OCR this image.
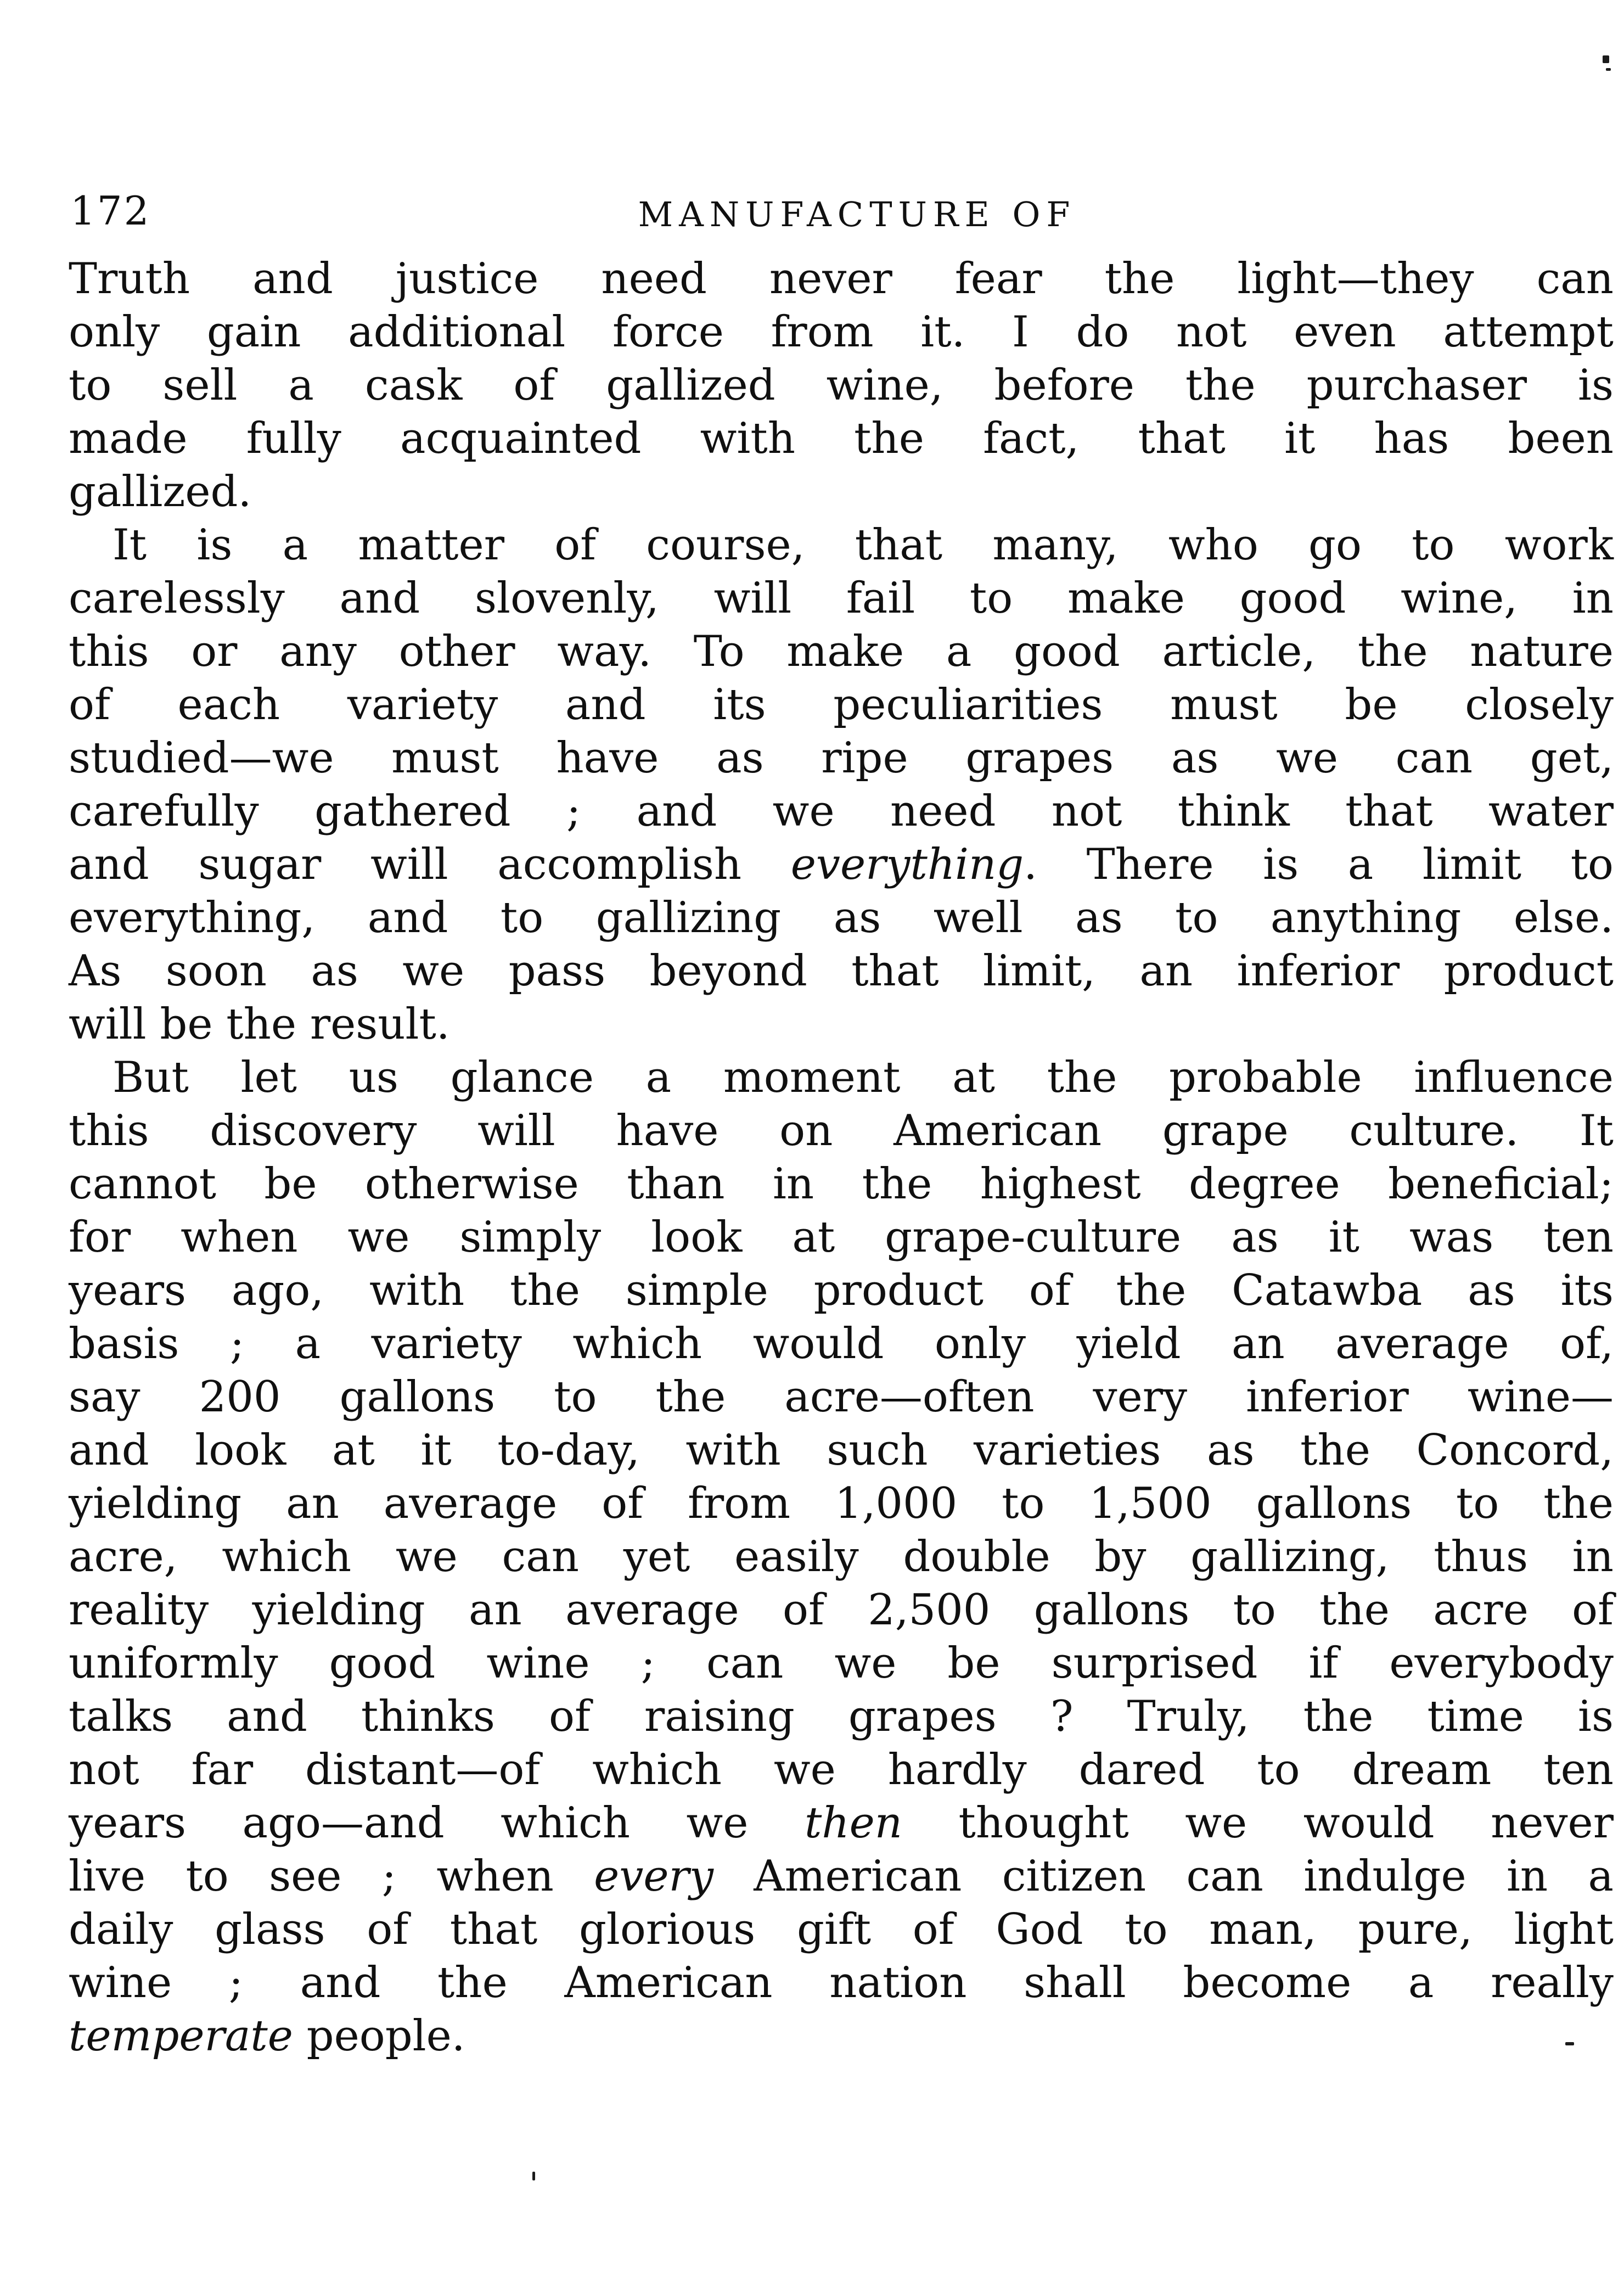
172	MANUFACTURE OF
Truth and justice need never fear the light—they can
only gain additional force from it. I do not even attempt
to sell a cask of gallized wine, before the purchaser is
made fully acquainted with the fact, that it has been
gallized.
It is a matter of course, that many, who go to work
carelessly and slovenly, will fail to make good wine, in
this or any other way. To make a good article, the nature
of each variety and its peculiarities must be closely
studied—we must have as ripe grapes as we can get,
carefully gathered ; and we need not think that water
and sugar will accomplish everything. There is a limit to
everything, and to gallizing as well as to anything else.
As soon as we pass beyond that limit, an inferior product
will be the result.
But let us glance a moment at the probable influence
this discovery will have on American grape culture. It
cannot be otherwise than in the highest degree beneficial;
for when we simply look at grape-culture as it was ten
years ago, with the simple product of the Catawba as its
basis ; a variety which would only yield an average of,
say 200 gallons to the acre—often very inferior wine—
and look at it to-day, with such varieties as the Concord,
yielding an average of from 1,000 to 1,500 gallons to the
acre, which we can yet easily double by gallizing, thus in
reality yielding an average of 2,500 gallons to the acre of
uniformly good wine ; can we be surprised if everybody
talks and thinks of raising grapes ? Truly, the time is
not far distant—of which we hardly dared to dream ten
years ago—and which we then thought we would never
live to see ; when every American citizen can indulge in a
daily glass of that glorious gift of God to man, pure, light
wine ; and the American nation shall become a really
temperate people.
